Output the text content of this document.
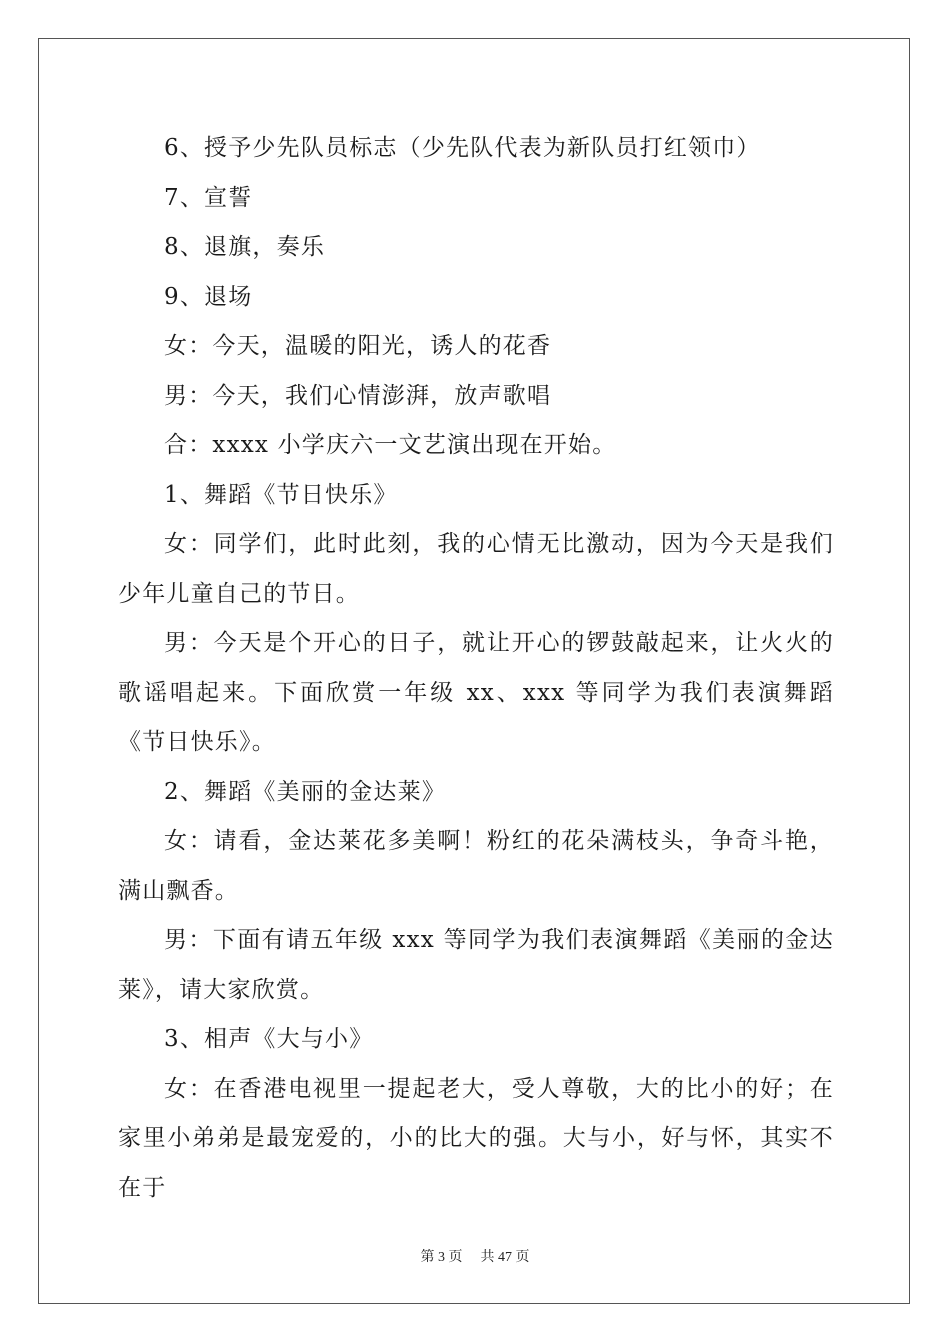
6、授予少先队员标志（少先队代表为新队员打红领巾）

7、宣誓

8、退旗，奏乐

9、退场

女：今天，温暖的阳光，诱人的花香

男：今天，我们心情澎湃，放声歌唱

合：xxxx 小学庆六一文艺演出现在开始。

1、舞蹈《节日快乐》

女：同学们，此时此刻，我的心情无比激动，因为今天是我们少年儿童自己的节日。

男：今天是个开心的日子，就让开心的锣鼓敲起来，让火火的歌谣唱起来。下面欣赏一年级 xx、xxx 等同学为我们表演舞蹈《节日快乐》。

2、舞蹈《美丽的金达莱》

女：请看，金达莱花多美啊！粉红的花朵满枝头，争奇斗艳，满山飘香。

男：下面有请五年级 xxx 等同学为我们表演舞蹈《美丽的金达莱》，请大家欣赏。

3、相声《大与小》

女：在香港电视里一提起老大，受人尊敬，大的比小的好；在家里小弟弟是最宠爱的，小的比大的强。大与小，好与怀，其实不在于

第 3 页 共 47 页
